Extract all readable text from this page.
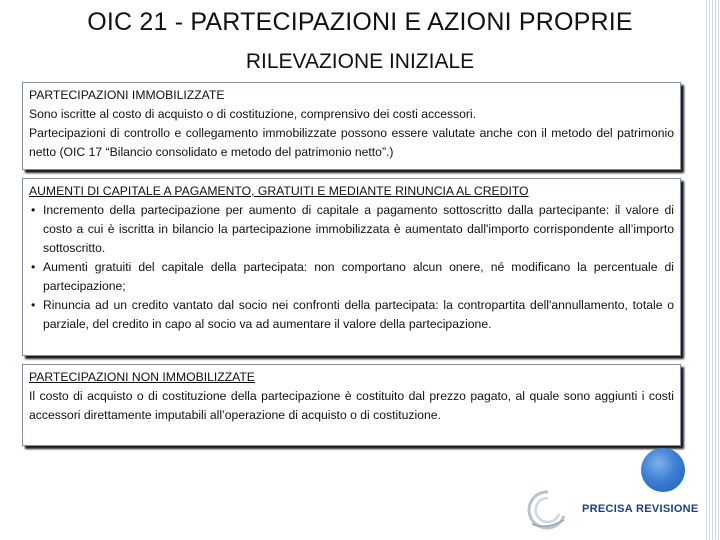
OIC 21 - PARTECIPAZIONI E AZIONI PROPRIE
RILEVAZIONE INIZIALE
PARTECIPAZIONI IMMOBILIZZATE

Sono iscritte al costo di acquisto o di costituzione, comprensivo dei costi accessori.

Partecipazioni di controllo e collegamento immobilizzate possono essere valutate anche con il metodo del patrimonio netto (OIC 17 “Bilancio consolidato e metodo del patrimonio netto”.)

AUMENTI DI CAPITALE A PAGAMENTO, GRATUITI E MEDIANTE RINUNCIA AL CREDITO
• Incremento della partecipazione per aumento di capitale a pagamento sottoscritto dalla partecipante: il valore di costo a cui è iscritta in bilancio la partecipazione immobilizzata è aumentato dall'importo corrispondente all’importo sottoscritto.
• Aumenti gratuiti del capitale della partecipata: non comportano alcun onere, né modificano la percentuale di partecipazione;
• Rinuncia ad un credito vantato dal socio nei confronti della partecipata: la contropartita dell'annullamento, totale o parziale, del credito in capo al socio va ad aumentare il valore della partecipazione.
PARTECIPAZIONI NON IMMOBILIZZATE

Il costo di acquisto o di costituzione della partecipazione è costituito dal prezzo pagato, al quale sono aggiunti i costi accessori direttamente imputabili all’operazione di acquisto o di costituzione.

PRECISA REVISIONE
